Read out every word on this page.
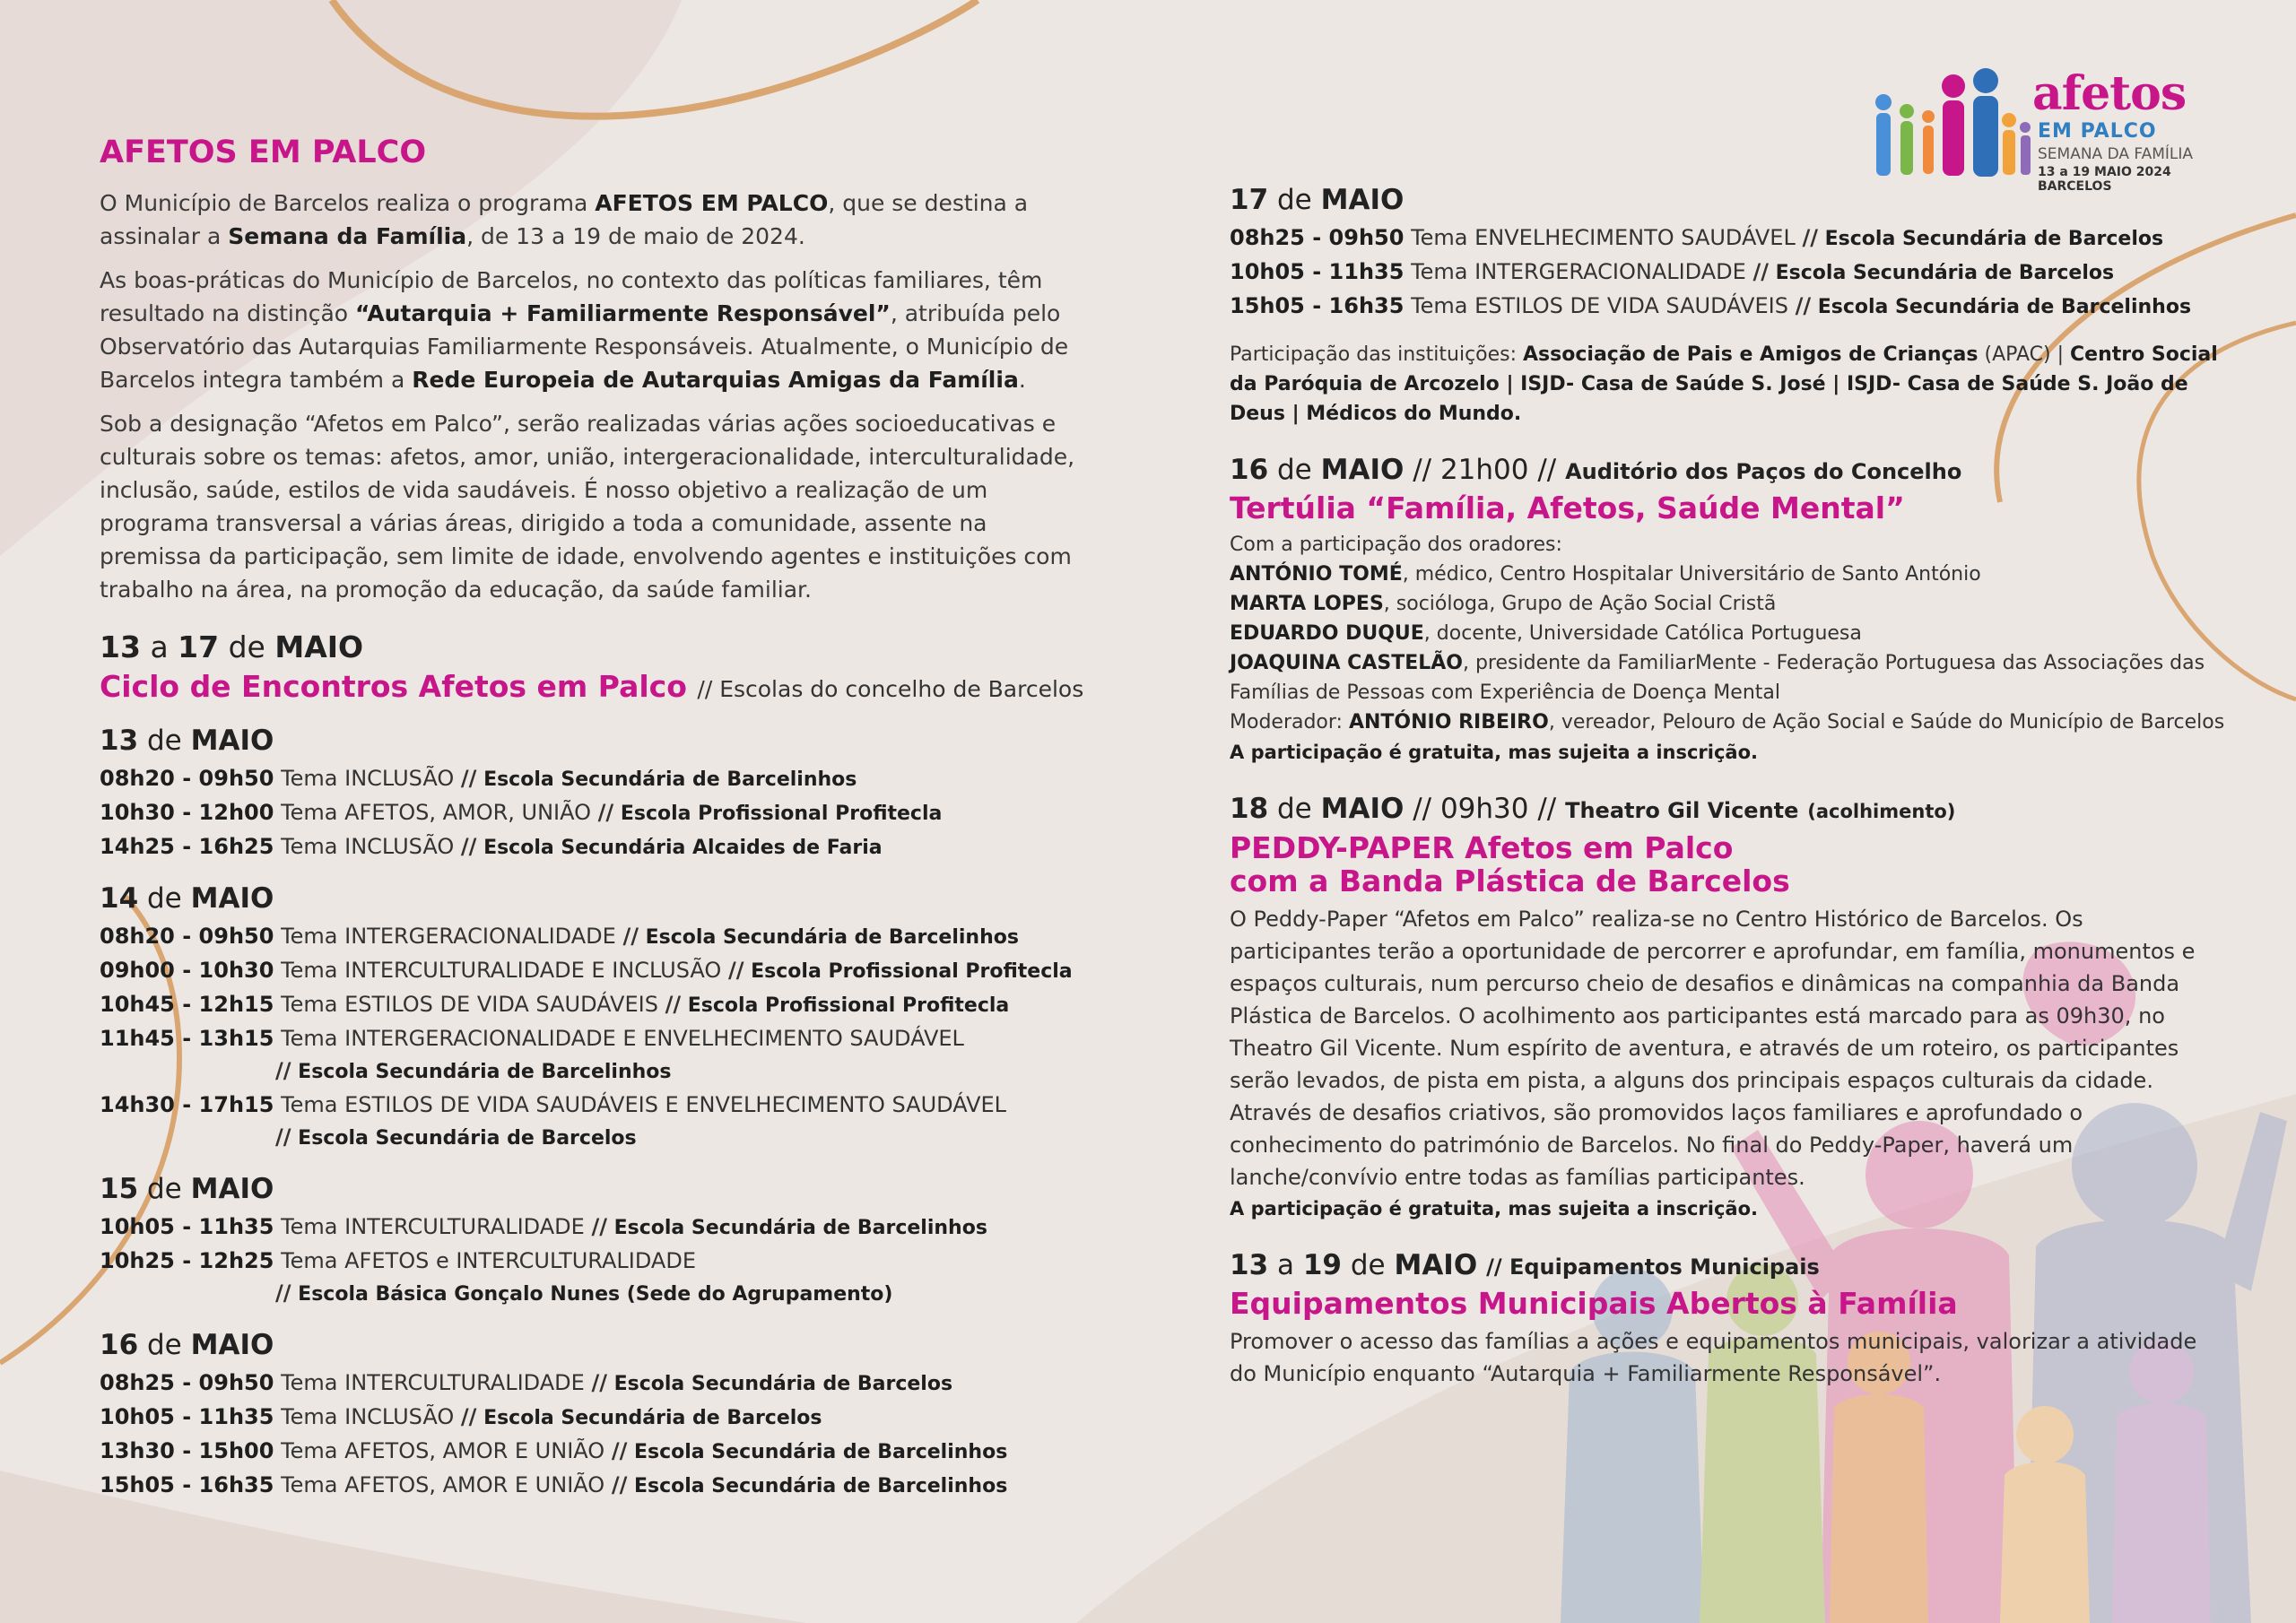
afetos
EM PALCO
SEMANA DA FAMÍLIA
13 a 19 MAIO 2024 BARCELOS
AFETOS EM PALCO

O Município de Barcelos realiza o programa AFETOS EM PALCO, que se destina a assinalar a Semana da Família, de 13 a 19 de maio de 2024.

As boas-práticas do Município de Barcelos, no contexto das políticas familiares, têm resultado na distinção “Autarquia + Familiarmente Responsável”, atribuída pelo Observatório das Autarquias Familiarmente Responsáveis. Atualmente, o Município de Barcelos integra também a Rede Europeia de Autarquias Amigas da Família.

Sob a designação “Afetos em Palco”, serão realizadas várias ações socioeducativas e culturais sobre os temas: afetos, amor, união, intergeracionalidade, interculturalidade, inclusão, saúde, estilos de vida saudáveis. É nosso objetivo a realização de um programa transversal a várias áreas, dirigido a toda a comunidade, assente na premissa da participação, sem limite de idade, envolvendo agentes e instituições com trabalho na área, na promoção da educação, da saúde familiar.

13 a 17 de MAIO
Ciclo de Encontros Afetos em Palco // Escolas do concelho de Barcelos
13 de MAIO
08h20 - 09h50 Tema INCLUSÃO // Escola Secundária de Barcelinhos
10h30 - 12h00 Tema AFETOS, AMOR, UNIÃO // Escola Profissional Profitecla
14h25 - 16h25 Tema INCLUSÃO // Escola Secundária Alcaides de Faria
14 de MAIO
08h20 - 09h50 Tema INTERGERACIONALIDADE // Escola Secundária de Barcelinhos
09h00 - 10h30 Tema INTERCULTURALIDADE E INCLUSÃO // Escola Profissional Profitecla
10h45 - 12h15 Tema ESTILOS DE VIDA SAUDÁVEIS // Escola Profissional Profitecla
11h45 - 13h15 Tema INTERGERACIONALIDADE E ENVELHECIMENTO SAUDÁVEL
// Escola Secundária de Barcelinhos
14h30 - 17h15 Tema ESTILOS DE VIDA SAUDÁVEIS E ENVELHECIMENTO SAUDÁVEL
// Escola Secundária de Barcelos
15 de MAIO
10h05 - 11h35 Tema INTERCULTURALIDADE // Escola Secundária de Barcelinhos
10h25 - 12h25 Tema AFETOS e INTERCULTURALIDADE
// Escola Básica Gonçalo Nunes (Sede do Agrupamento)
16 de MAIO
08h25 - 09h50 Tema INTERCULTURALIDADE // Escola Secundária de Barcelos
10h05 - 11h35 Tema INCLUSÃO // Escola Secundária de Barcelos
13h30 - 15h00 Tema AFETOS, AMOR E UNIÃO // Escola Secundária de Barcelinhos
15h05 - 16h35 Tema AFETOS, AMOR E UNIÃO // Escola Secundária de Barcelinhos
17 de MAIO
08h25 - 09h50 Tema ENVELHECIMENTO SAUDÁVEL // Escola Secundária de Barcelos
10h05 - 11h35 Tema INTERGERACIONALIDADE // Escola Secundária de Barcelos
15h05 - 16h35 Tema ESTILOS DE VIDA SAUDÁVEIS // Escola Secundária de Barcelinhos
Participação das instituições: Associação de Pais e Amigos de Crianças (APAC) | Centro Social da Paróquia de Arcozelo | ISJD- Casa de Saúde S. José | ISJD- Casa de Saúde S. João de Deus | Médicos do Mundo.
16 de MAIO // 21h00 // Auditório dos Paços do Concelho
Tertúlia “Família, Afetos, Saúde Mental”
Com a participação dos oradores:
ANTÓNIO TOMÉ, médico, Centro Hospitalar Universitário de Santo António
MARTA LOPES, socióloga, Grupo de Ação Social Cristã
EDUARDO DUQUE, docente, Universidade Católica Portuguesa
JOAQUINA CASTELÃO, presidente da FamiliarMente - Federação Portuguesa das Associações das Famílias de Pessoas com Experiência de Doença Mental
Moderador: ANTÓNIO RIBEIRO, vereador, Pelouro de Ação Social e Saúde do Município de Barcelos
A participação é gratuita, mas sujeita a inscrição.
18 de MAIO // 09h30 // Theatro Gil Vicente (acolhimento)
PEDDY-PAPER Afetos em Palco
com a Banda Plástica de Barcelos
O Peddy-Paper “Afetos em Palco” realiza-se no Centro Histórico de Barcelos. Os participantes terão a oportunidade de percorrer e aprofundar, em família, monumentos e espaços culturais, num percurso cheio de desafios e dinâmicas na companhia da Banda Plástica de Barcelos. O acolhimento aos participantes está marcado para as 09h30, no Theatro Gil Vicente. Num espírito de aventura, e através de um roteiro, os participantes serão levados, de pista em pista, a alguns dos principais espaços culturais da cidade. Através de desafios criativos, são promovidos laços familiares e aprofundado o conhecimento do património de Barcelos. No final do Peddy-Paper, haverá um lanche/convívio entre todas as famílias participantes.
A participação é gratuita, mas sujeita a inscrição.
13 a 19 de MAIO // Equipamentos Municipais
Equipamentos Municipais Abertos à Família
Promover o acesso das famílias a ações e equipamentos municipais, valorizar a atividade do Município enquanto “Autarquia + Familiarmente Responsável”.
